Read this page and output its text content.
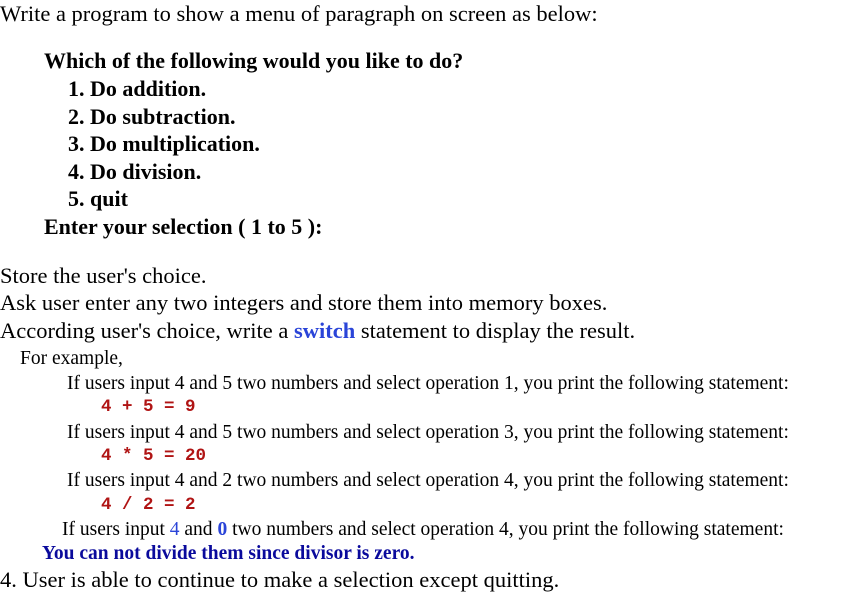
Write a program to show a menu of paragraph on screen as below:
Which of the following would you like to do?
1. Do addition.
2. Do subtraction.
3. Do multiplication.
4. Do division.
5. quit
Enter your selection ( 1 to 5 ):
Store the user's choice.
Ask user enter any two integers and store them into memory boxes.
According user's choice, write a switch statement to display the result.
For example,
If users input 4 and 5 two numbers and select operation 1, you print the following statement:
4 + 5 = 9
If users input 4 and 5 two numbers and select operation 3, you print the following statement:
4 * 5 = 20
If users input 4 and 2 two numbers and select operation 4, you print the following statement:
4 / 2 = 2
If users input 4 and 0 two numbers and select operation 4, you print the following statement:
You can not divide them since divisor is zero.
4. User is able to continue to make a selection except quitting.
